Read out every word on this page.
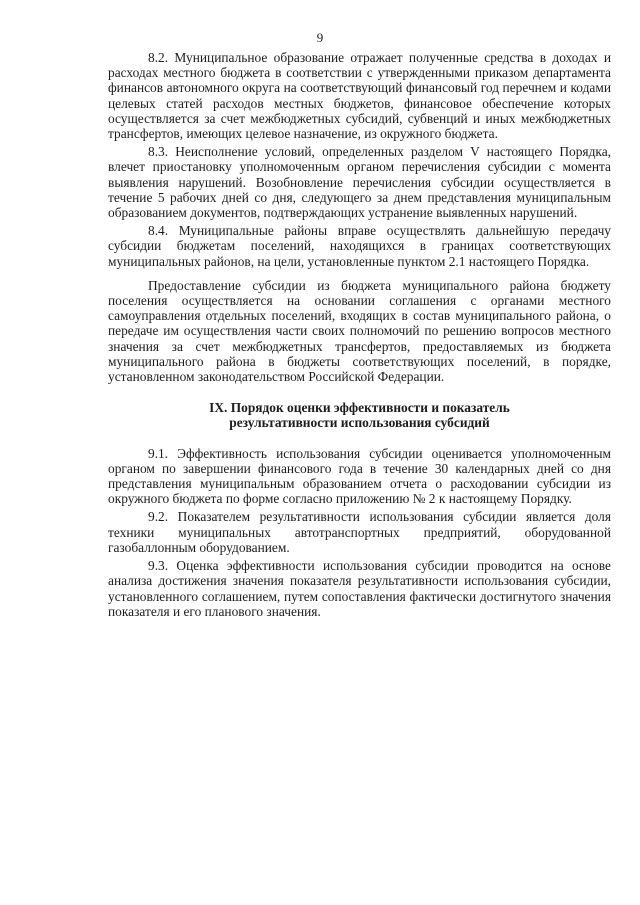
9

8.2. Муниципальное образование отражает полученные средства в доходах и расходах местного бюджета в соответствии с утвержденными приказом департамента финансов автономного округа на соответствующий финансовый год перечнем и кодами целевых статей расходов местных бюджетов, финансовое обеспечение которых осуществляется за счет межбюджетных субсидий, субвенций и иных межбюджетных трансфертов, имеющих целевое назначение, из окружного бюджета.

8.3. Неисполнение условий, определенных разделом V настоящего Порядка, влечет приостановку уполномоченным органом перечисления субсидии с момента выявления нарушений. Возобновление перечисления субсидии осуществляется в течение 5 рабочих дней со дня, следующего за днем представления муниципальным образованием документов, подтверждающих устранение выявленных нарушений.

8.4. Муниципальные районы вправе осуществлять дальнейшую передачу субсидии бюджетам поселений, находящихся в границах соответствующих муниципальных районов, на цели, установленные пунктом 2.1 настоящего Порядка.

Предоставление субсидии из бюджета муниципального района бюджету поселения осуществляется на основании соглашения с органами местного самоуправления отдельных поселений, входящих в состав муниципального района, о передаче им осуществления части своих полномочий по решению вопросов местного значения за счет межбюджетных трансфертов, предоставляемых из бюджета муниципального района в бюджеты соответствующих поселений, в порядке, установленном законодательством Российской Федерации.

IX. Порядок оценки эффективности и показатель
результативности использования субсидий

9.1. Эффективность использования субсидии оценивается уполномоченным органом по завершении финансового года в течение 30 календарных дней со дня представления муниципальным образованием отчета о расходовании субсидии из окружного бюджета по форме согласно приложению № 2 к настоящему Порядку.

9.2. Показателем результативности использования субсидии является доля техники муниципальных автотранспортных предприятий, оборудованной газобаллонным оборудованием.

9.3. Оценка эффективности использования субсидии проводится на основе анализа достижения значения показателя результативности использования субсидии, установленного соглашением, путем сопоставления фактически достигнутого значения показателя и его планового значения.
